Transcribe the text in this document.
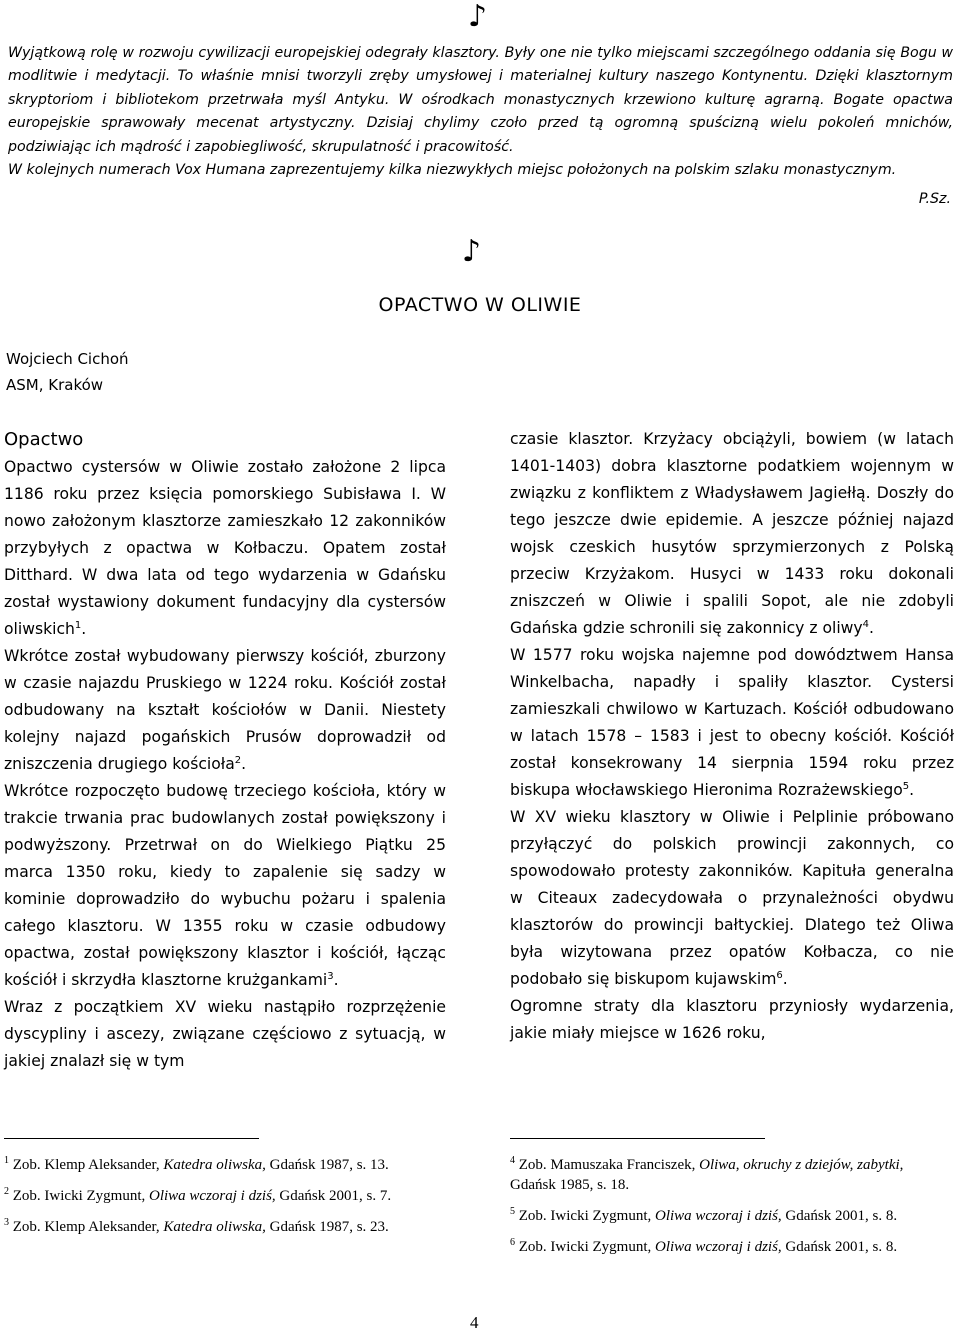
♪

Wyjątkową rolę w rozwoju cywilizacji europejskiej odegrały klasztory. Były one nie tylko miejscami szczególnego oddania się Bogu w modlitwie i medytacji. To właśnie mnisi tworzyli zręby umysłowej i materialnej kultury naszego Kontynentu. Dzięki klasztornym skryptoriom i bibliotekom przetrwała myśl Antyku. W ośrodkach monastycznych krzewiono kulturę agrarną. Bogate opactwa europejskie sprawowały mecenat artystyczny. Dzisiaj chylimy czoło przed tą ogromną spuścizną wielu pokoleń mnichów, podziwiając ich mądrość i zapobiegliwość, skrupulatność i pracowitość.

W kolejnych numerach Vox Humana zaprezentujemy kilka niezwykłych miejsc położonych na polskim szlaku monastycznym.

P.Sz.
♪
OPACTWO W OLIWIE
Wojciech Cichoń
ASM, Kraków
Opactwo

Opactwo cystersów w Oliwie zostało założone 2 lipca 1186 roku przez księcia pomorskiego Subisława I. W nowo założonym klasztorze zamieszkało 12 zakonników przybyłych z opactwa w Kołbaczu. Opatem został Ditthard. W dwa lata od tego wydarzenia w Gdańsku został wystawiony dokument fundacyjny dla cystersów oliwskich$^1$.

Wkrótce został wybudowany pierwszy kościół, zburzony w czasie najazdu Pruskiego w 1224 roku. Kościół został odbudowany na kształt kościołów w Danii. Niestety kolejny najazd pogańskich Prusów doprowadził od zniszczenia drugiego kościoła$^2$.

Wkrótce rozpoczęto budowę trzeciego kościoła, który w trakcie trwania prac budowlanych został powiększony i podwyższony. Przetrwał on do Wielkiego Piątku 25 marca 1350 roku, kiedy to zapalenie się sadzy w kominie doprowadziło do wybuchu pożaru i spalenia całego klasztoru. W 1355 roku w czasie odbudowy opactwa, został powiększony klasztor i kościół, łącząc kościół i skrzydła klasztorne krużgankami$^3$.

Wraz z początkiem XV wieku nastąpiło rozprzężenie dyscypliny i ascezy, związane częściowo z sytuacją, w jakiej znalazł się w tym

czasie klasztor. Krzyżacy obciążyli, bowiem (w latach 1401-1403) dobra klasztorne podatkiem wojennym w związku z konfliktem z Władysławem Jagiełłą. Doszły do tego jeszcze dwie epidemie. A jeszcze później najazd wojsk czeskich husytów sprzymierzonych z Polską przeciw Krzyżakom. Husyci w 1433 roku dokonali zniszczeń w Oliwie i spalili Sopot, ale nie zdobyli Gdańska gdzie schronili się zakonnicy z oliwy$^4$.

W 1577 roku wojska najemne pod dowództwem Hansa Winkelbacha, napadły i spaliły klasztor. Cystersi zamieszkali chwilowo w Kartuzach. Kościół odbudowano w latach 1578 – 1583 i jest to obecny kościół. Kościół został konsekrowany 14 sierpnia 1594 roku przez biskupa włocławskiego Hieronima Rozrażewskiego$^5$.

W XV wieku klasztory w Oliwie i Pelplinie próbowano przyłączyć do polskich prowincji zakonnych, co spowodowało protesty zakonników. Kapituła generalna w Citeaux zadecydowała o przynależności obydwu klasztorów do prowincji bałtyckiej. Dlatego też Oliwa była wizytowana przez opatów Kołbacza, co nie podobało się biskupom kujawskim$^6$.

Ogromne straty dla klasztoru przyniosły wydarzenia, jakie miały miejsce w 1626 roku,

$^1$ Zob. Klemp Aleksander, Katedra oliwska, Gdańsk 1987, s. 13.

$^2$ Zob. Iwicki Zygmunt, Oliwa wczoraj i dziś, Gdańsk 2001, s. 7.

$^3$ Zob. Klemp Aleksander, Katedra oliwska, Gdańsk 1987, s. 23.

$^4$ Zob. Mamuszaka Franciszek, Oliwa, okruchy z dziejów, zabytki, Gdańsk 1985, s. 18.

$^5$ Zob. Iwicki Zygmunt, Oliwa wczoraj i dziś, Gdańsk 2001, s. 8.

$^6$ Zob. Iwicki Zygmunt, Oliwa wczoraj i dziś, Gdańsk 2001, s. 8.

4
